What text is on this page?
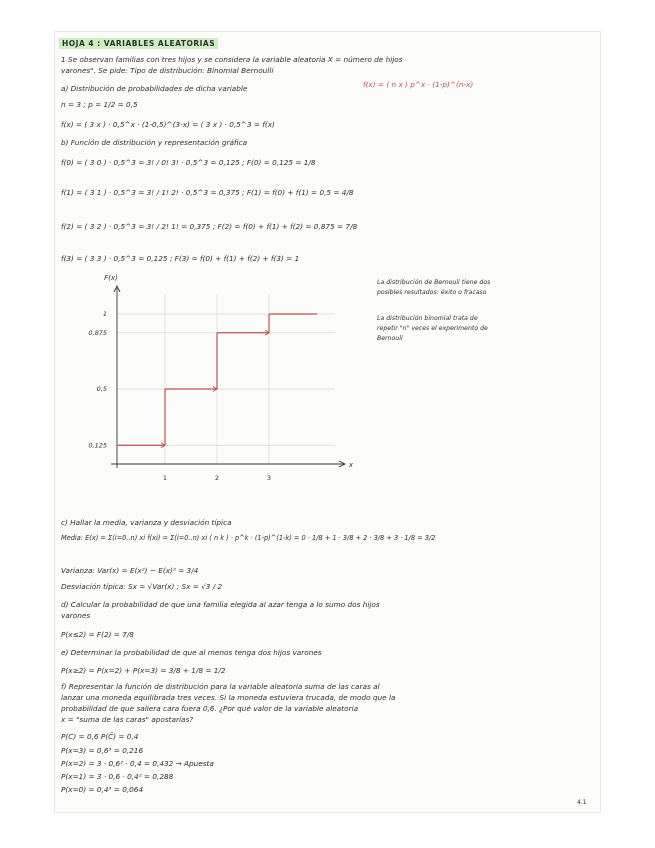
HOJA 4 : VARIABLES ALEATORIAS
1 Se observan familias con tres hijos y se considera la variable aleatoria X = número de hijos
varones". Se pide: Tipo de distribución: Binomial Bernoulli
a) Distribución de probabilidades de dicha variable	f(x) = ( n x ) p^x · (1-p)^(n-x)
n = 3 ; p = 1/2 = 0,5
f(x) = ( 3 x ) · 0,5^x · (1-0,5)^(3-x) = ( 3 x ) · 0,5^3 = f(x)
b) Función de distribución y representación gráfica
f(0) = ( 3 0 ) · 0,5^3 = 3! / 0! 3! · 0,5^3 = 0,125 ; F(0) = 0,125 = 1/8
f(1) = ( 3 1 ) · 0,5^3 = 3! / 1! 2! · 0,5^3 = 0,375 ; F(1) = f(0) + f(1) = 0,5 = 4/8
f(2) = ( 3 2 ) · 0,5^3 = 3! / 2! 1! = 0,375 ; F(2) = f(0) + f(1) + f(2) = 0,875 = 7/8
f(3) = ( 3 3 ) · 0,5^3 = 0,125 ; F(3) = f(0) + f(1) + f(2) + f(3) = 1
0,125
0,5
0,875
1
1	2	3
F(x)
x
La distribución de Bernouli tiene dos
posibles resultados: éxito o fracaso
La distribución binomial trata de
repetir "n" veces el experimento de
Bernouli
c) Hallar la media, varianza y desviación típica
Media: E(x) = Σ(i=0..n) xi f(xi) = Σ(i=0..n) xi ( n k ) · p^k · (1-p)^(1-k) = 0 · 1/8 + 1 · 3/8 + 2 · 3/8 + 3 · 1/8 = 3/2
Varianza: Var(x) = E(x²) − E(x)² = 3/4
Desviación típica: Sx = √Var(x) ; Sx = √3 / 2
d) Calcular la probabilidad de que una familia elegida al azar tenga a lo sumo dos hijos
varones
P(x≤2) = F(2) = 7/8
e) Determinar la probabilidad de que al menos tenga dos hijos varones
P(x≥2) = P(x=2) + P(x=3) = 3/8 + 1/8 = 1/2
f) Representar la función de distribución para la variable aleatoria suma de las caras al
lanzar una moneda equilibrada tres veces. Si la moneda estuviera trucada, de modo que la
probabilidad de que saliera cara fuera 0,6. ¿Por qué valor de la variable aleatoria
x = "suma de las caras" apostarías?
P(C) = 0,6 P(C̄) = 0,4
P(x=3) = 0,6³ = 0,216
P(x=2) = 3 · 0,6² · 0,4 = 0,432 → Apuesta
P(x=1) = 3 · 0,6 · 0,4² = 0,288
P(x=0) = 0,4³ = 0,064
4.1
